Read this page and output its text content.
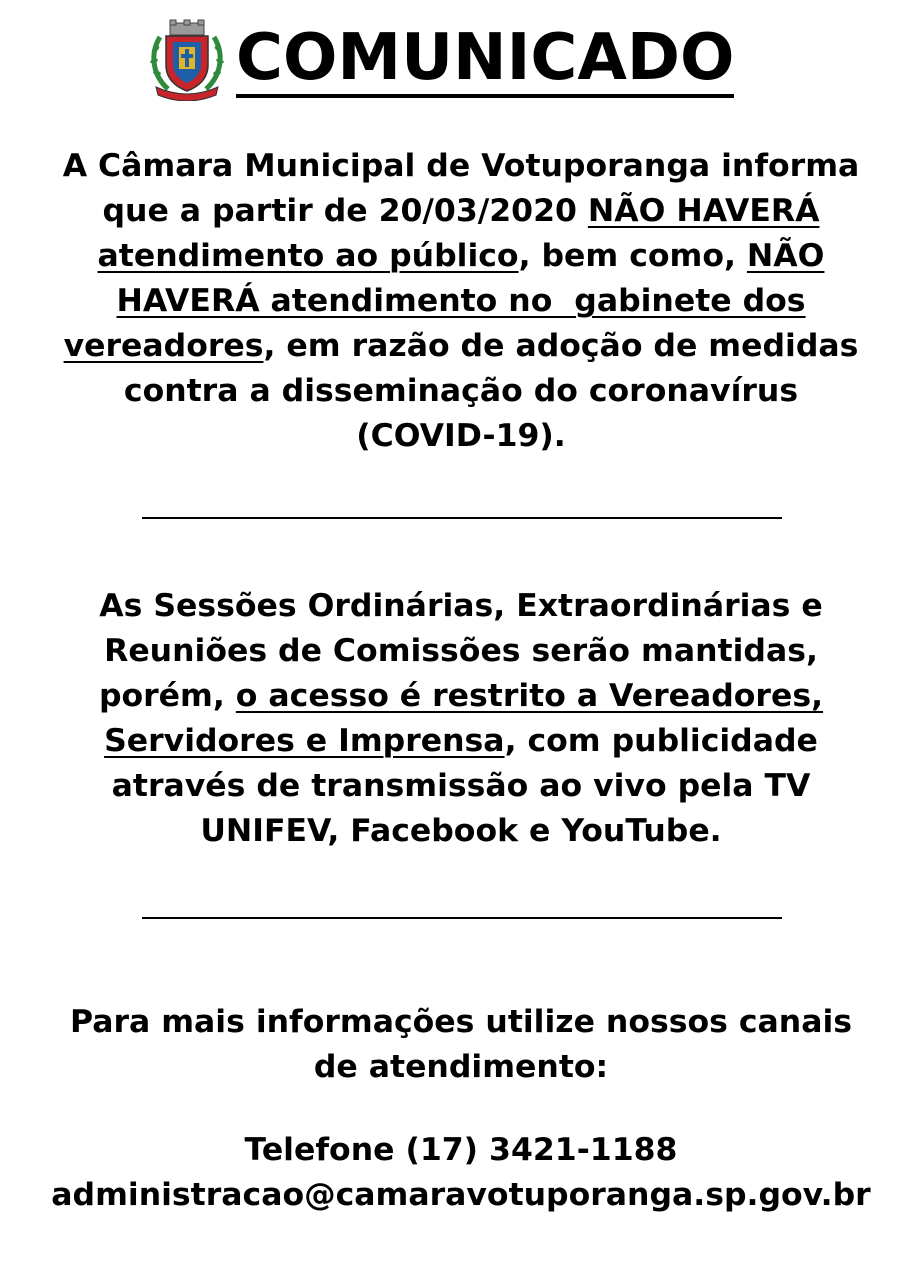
COMUNICADO
A Câmara Municipal de Votuporanga informa
que a partir de 20/03/2020 NÃO HAVERÁ
atendimento ao público, bem como, NÃO
HAVERÁ atendimento no  gabinete dos
vereadores, em razão de adoção de medidas
contra a disseminação do coronavírus
(COVID-19).
As Sessões Ordinárias, Extraordinárias e
Reuniões de Comissões serão mantidas,
porém, o acesso é restrito a Vereadores,
Servidores e Imprensa, com publicidade
através de transmissão ao vivo pela TV
UNIFEV, Facebook e YouTube.
Para mais informações utilize nossos canais
de atendimento:
Telefone (17) 3421-1188
administracao@camaravotuporanga.sp.gov.br
